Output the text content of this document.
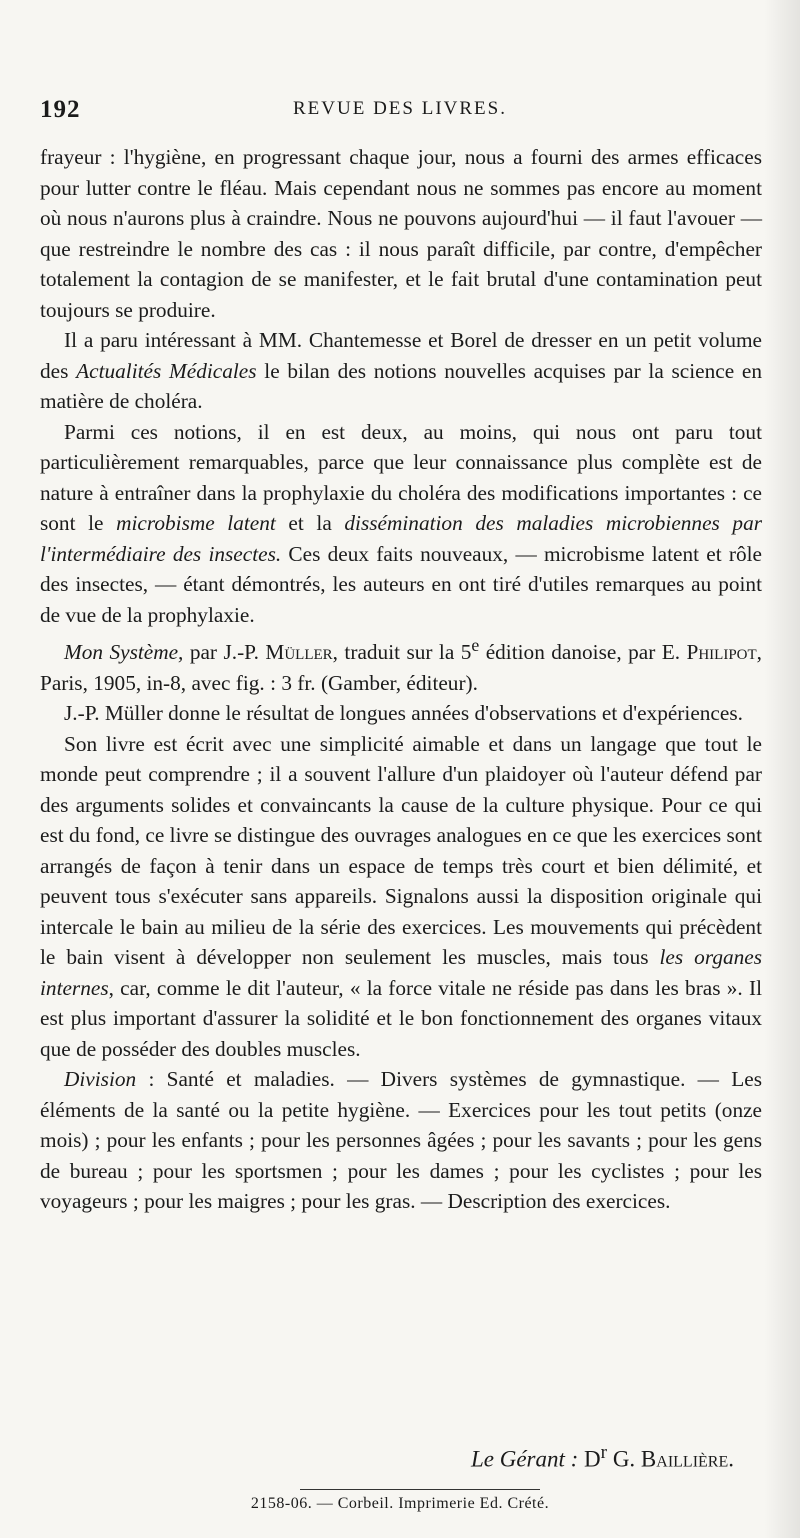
192	REVUE DES LIVRES.

frayeur : l'hygiène, en progressant chaque jour, nous a fourni des armes efficaces pour lutter contre le fléau. Mais cependant nous ne sommes pas encore au moment où nous n'aurons plus à craindre. Nous ne pouvons aujourd'hui — il faut l'avouer — que restreindre le nombre des cas : il nous paraît difficile, par contre, d'empêcher totalement la contagion de se manifester, et le fait brutal d'une contamination peut toujours se produire.

Il a paru intéressant à MM. Chantemesse et Borel de dresser en un petit volume des Actualités Médicales le bilan des notions nouvelles acquises par la science en matière de choléra.

Parmi ces notions, il en est deux, au moins, qui nous ont paru tout particulièrement remarquables, parce que leur connaissance plus complète est de nature à entraîner dans la prophylaxie du choléra des modifications importantes : ce sont le microbisme latent et la dissémination des maladies microbiennes par l'intermédiaire des insectes. Ces deux faits nouveaux, — microbisme latent et rôle des insectes, — étant démontrés, les auteurs en ont tiré d'utiles remarques au point de vue de la prophylaxie.

Mon Système, par J.-P. Müller, traduit sur la 5e édition danoise, par E. Philipot, Paris, 1905, in-8, avec fig. : 3 fr. (Gamber, éditeur).

J.-P. Müller donne le résultat de longues années d'observations et d'expériences.

Son livre est écrit avec une simplicité aimable et dans un langage que tout le monde peut comprendre ; il a souvent l'allure d'un plaidoyer où l'auteur défend par des arguments solides et convaincants la cause de la culture physique. Pour ce qui est du fond, ce livre se distingue des ouvrages analogues en ce que les exercices sont arrangés de façon à tenir dans un espace de temps très court et bien délimité, et peuvent tous s'exécuter sans appareils. Signalons aussi la disposition originale qui intercale le bain au milieu de la série des exercices. Les mouvements qui précèdent le bain visent à développer non seulement les muscles, mais tous les organes internes, car, comme le dit l'auteur, « la force vitale ne réside pas dans les bras ». Il est plus important d'assurer la solidité et le bon fonctionnement des organes vitaux que de posséder des doubles muscles.

Division : Santé et maladies. — Divers systèmes de gymnastique. — Les éléments de la santé ou la petite hygiène. — Exercices pour les tout petits (onze mois) ; pour les enfants ; pour les personnes âgées ; pour les savants ; pour les gens de bureau ; pour les sportsmen ; pour les dames ; pour les cyclistes ; pour les voyageurs ; pour les maigres ; pour les gras. — Description des exercices.

Le Gérant : $D^r$ G. Baillière.
2158-06. — Corbeil. Imprimerie Ed. Crété.
